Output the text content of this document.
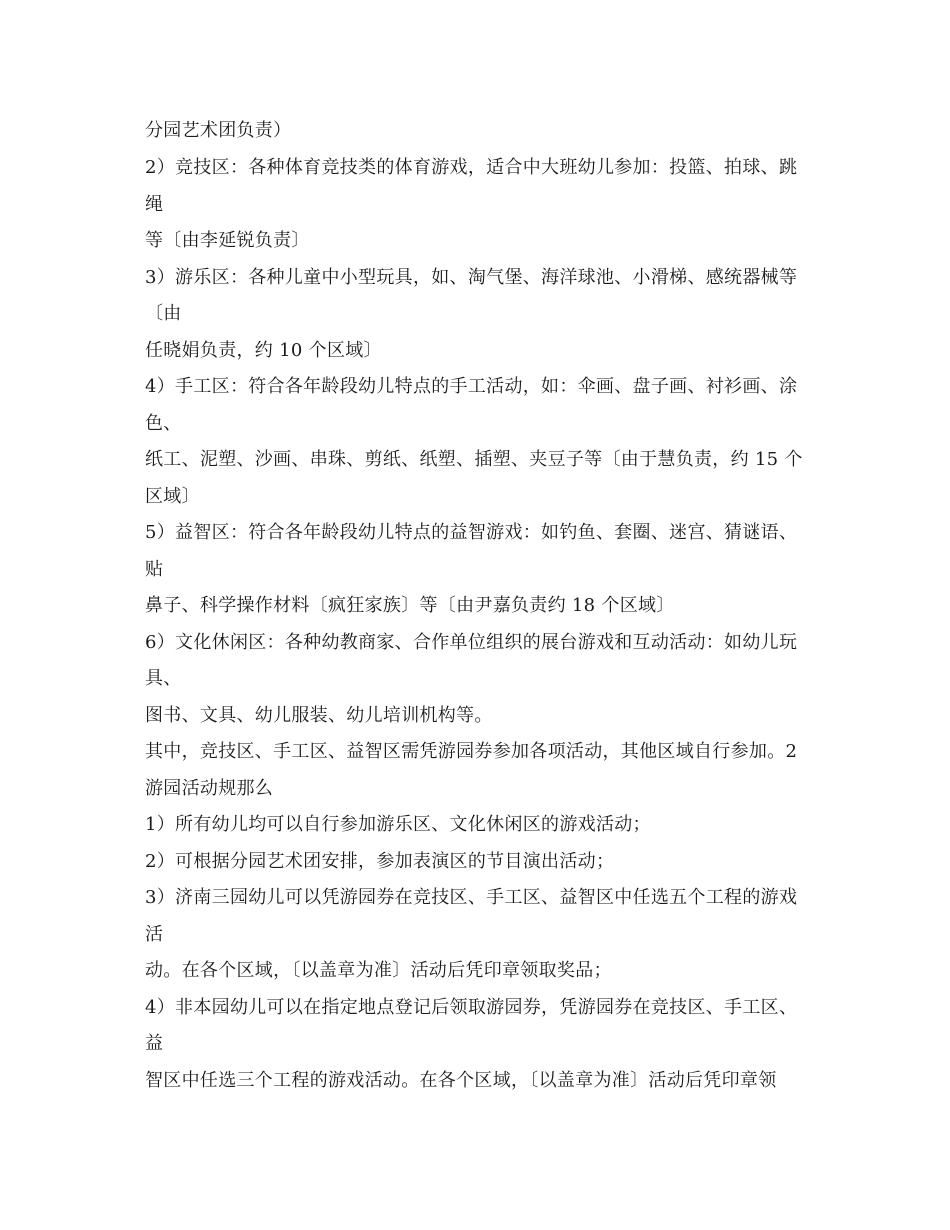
分园艺术团负责）
2）竞技区：各种体育竞技类的体育游戏，适合中大班幼儿参加：投篮、拍球、跳
绳
等〔由李延锐负责〕
3）游乐区：各种儿童中小型玩具，如、淘气堡、海洋球池、小滑梯、感统器械等
〔由
任晓娟负责，约 10 个区域〕
4）手工区：符合各年龄段幼儿特点的手工活动，如：伞画、盘子画、衬衫画、涂
色、
纸工、泥塑、沙画、串珠、剪纸、纸塑、插塑、夹豆子等〔由于慧负责，约 15 个
区域〕
5）益智区：符合各年龄段幼儿特点的益智游戏：如钓鱼、套圈、迷宫、猜谜语、
贴
鼻子、科学操作材料〔疯狂家族〕等〔由尹嘉负责约 18 个区域〕
6）文化休闲区：各种幼教商家、合作单位组织的展台游戏和互动活动：如幼儿玩
具、
图书、文具、幼儿服装、幼儿培训机构等。
其中，竞技区、手工区、益智区需凭游园券参加各项活动，其他区域自行参加。2
游园活动规那么
1）所有幼儿均可以自行参加游乐区、文化休闲区的游戏活动；
2）可根据分园艺术团安排，参加表演区的节目演出活动；
3）济南三园幼儿可以凭游园券在竞技区、手工区、益智区中任选五个工程的游戏
活
动。在各个区域，〔以盖章为准〕活动后凭印章领取奖品；
4）非本园幼儿可以在指定地点登记后领取游园券，凭游园券在竞技区、手工区、
益
智区中任选三个工程的游戏活动。在各个区域，〔以盖章为准〕活动后凭印章领
